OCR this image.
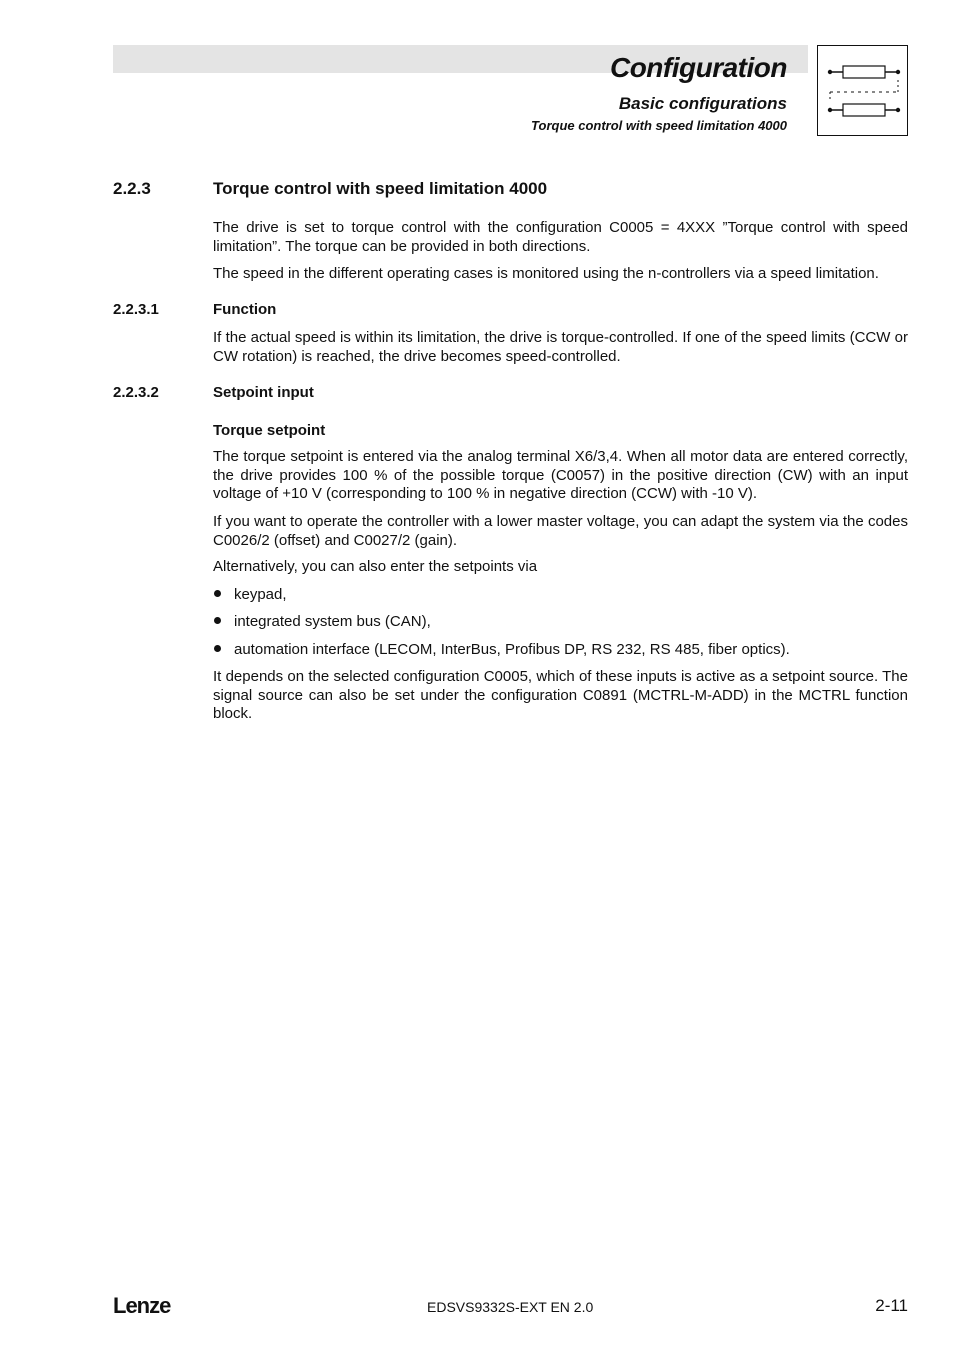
Configuration
Basic configurations
Torque control with speed limitation 4000
2.2.3	Torque control with speed limitation 4000
The drive is set to torque control with the configuration C0005 = 4XXX ”Torque control with speed limitation”. The torque can be provided in both directions.
The speed in the different operating cases is monitored using the n-controllers via a speed limitation.
2.2.3.1	Function
If the actual speed is within its limitation, the drive is torque-controlled. If one of the speed limits (CCW or CW rotation) is reached, the drive becomes speed-controlled.
2.2.3.2	Setpoint input
Torque setpoint
The torque setpoint is entered via the analog terminal X6/3,4. When all motor data are entered correctly, the drive provides 100 % of the possible torque (C0057) in the positive direction (CW) with an input voltage of +10 V (corresponding to 100 % in negative direction (CCW) with -10 V).
If you want to operate the controller with a lower master voltage, you can adapt the system via the codes C0026/2 (offset) and C0027/2 (gain).
Alternatively, you can also enter the setpoints via
keypad,
integrated system bus (CAN),
automation interface (LECOM, InterBus, Profibus DP, RS 232, RS 485, fiber optics).
It depends on the selected configuration C0005, which of these inputs is active as a setpoint source. The signal source can also be set under the configuration C0891 (MCTRL-M-ADD) in the MCTRL function block.
Lenze	EDSVS9332S-EXT EN 2.0	2-11
